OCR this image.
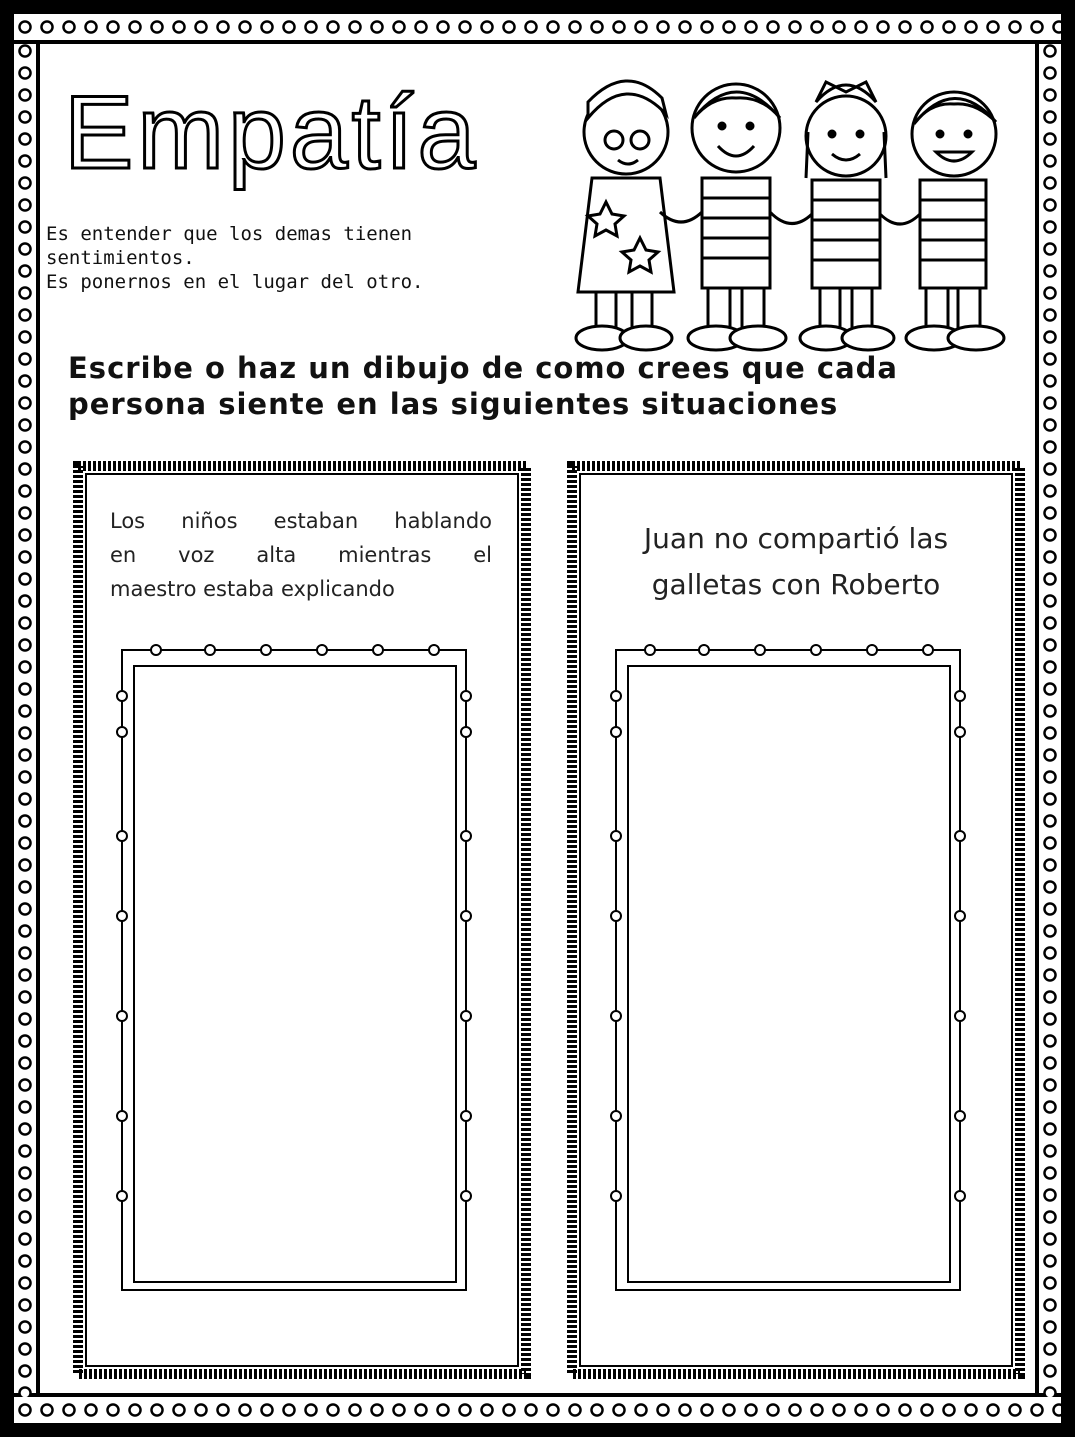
Empatía
Es entender que los demas tienen
sentimientos.
Es ponernos en el lugar del otro.
Escribe o haz un dibujo de como crees que cada
persona siente en las siguientes situaciones
Los niños estaban hablando
en voz alta mientras el
maestro estaba explicando
Juan no compartió las
galletas con Roberto
